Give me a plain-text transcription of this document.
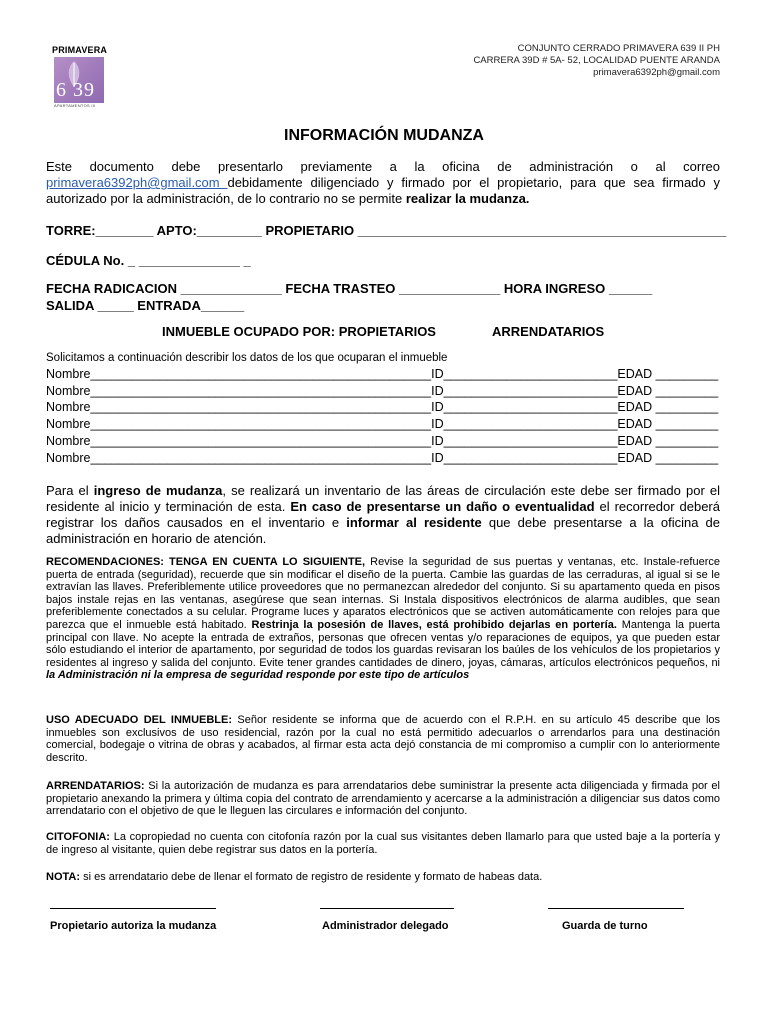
PRIMAVERA
6 39
APARTAMENTOS III
CONJUNTO CERRADO PRIMAVERA 639 II PH
CARRERA 39D # 5A- 52, LOCALIDAD PUENTE ARANDA
primavera6392ph@gmail.com
INFORMACIÓN MUDANZA
Este documento debe presentarlo previamente a la oficina de administración o al correo primavera6392ph@gmail.com debidamente diligenciado y firmado por el propietario, para que sea firmado y autorizado por la administración, de lo contrario no se permite realizar la mudanza.
TORRE:________ APTO:_________ PROPIETARIO ___________________________________________________
CÉDULA No. _ ______________ _
FECHA RADICACION ______________ FECHA TRASTEO ______________ HORA INGRESO ______
SALIDA _____ ENTRADA______
INMUEBLE OCUPADO POR: PROPIETARIOS	ARRENDATARIOS
Solicitamos a continuación describir los datos de los que ocuparan el inmueble
Nombre_________________________________________________ID_________________________EDAD _________
Nombre_________________________________________________ID_________________________EDAD _________
Nombre_________________________________________________ID_________________________EDAD _________
Nombre_________________________________________________ID_________________________EDAD _________
Nombre_________________________________________________ID_________________________EDAD _________
Nombre_________________________________________________ID_________________________EDAD _________
Para el ingreso de mudanza, se realizará un inventario de las áreas de circulación este debe ser firmado por el residente al inicio y terminación de esta. En caso de presentarse un daño o eventualidad el recorredor deberá registrar los daños causados en el inventario e informar al residente que debe presentarse a la oficina de administración en horario de atención.
RECOMENDACIONES: TENGA EN CUENTA LO SIGUIENTE, Revise la seguridad de sus puertas y ventanas, etc. Instale-refuerce puerta de entrada (seguridad), recuerde que sin modificar el diseño de la puerta. Cambie las guardas de las cerraduras, al igual si se le extravían las llaves. Preferiblemente utilice proveedores que no permanezcan alrededor del conjunto. Si su apartamento queda en pisos bajos instale rejas en las ventanas, asegúrese que sean internas. Si Instala dispositivos electrónicos de alarma audibles, que sean preferiblemente conectados a su celular. Programe luces y aparatos electrónicos que se activen automáticamente con relojes para que parezca que el inmueble está habitado. Restrinja la posesión de llaves, está prohibido dejarlas en portería. Mantenga la puerta principal con llave. No acepte la entrada de extraños, personas que ofrecen ventas y/o reparaciones de equipos, ya que pueden estar sólo estudiando el interior de apartamento, por seguridad de todos los guardas revisaran los baúles de los vehículos de los propietarios y residentes al ingreso y salida del conjunto. Evite tener grandes cantidades de dinero, joyas, cámaras, artículos electrónicos pequeños, ni la Administración ni la empresa de seguridad responde por este tipo de artículos
USO ADECUADO DEL INMUEBLE: Señor residente se informa que de acuerdo con el R.P.H. en su artículo 45 describe que los inmuebles son exclusivos de uso residencial, razón por la cual no está permitido adecuarlos o arrendarlos para una destinación comercial, bodegaje o vitrina de obras y acabados, al firmar esta acta dejó constancia de mi compromiso a cumplir con lo anteriormente descrito.
ARRENDATARIOS: Si la autorización de mudanza es para arrendatarios debe suministrar la presente acta diligenciada y firmada por el propietario anexando la primera y última copia del contrato de arrendamiento y acercarse a la administración a diligenciar sus datos como arrendatario con el objetivo de que le lleguen las circulares e información del conjunto.
CITOFONIA: La copropiedad no cuenta con citofonía razón por la cual sus visitantes deben llamarlo para que usted baje a la portería y de ingreso al visitante, quien debe registrar sus datos en la portería.
NOTA: si es arrendatario debe de llenar el formato de registro de residente y formato de habeas data.
Propietario autoriza la mudanza	Administrador delegado	Guarda de turno
